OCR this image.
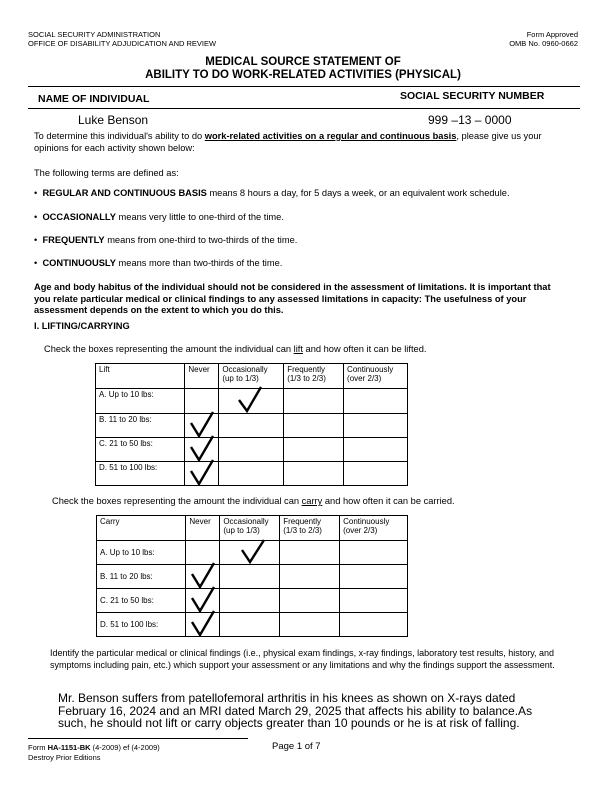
SOCIAL SECURITY ADMINISTRATION
OFFICE OF DISABILITY ADJUDICATION AND REVIEW
Form Approved
OMB No. 0960-0662
MEDICAL SOURCE STATEMENT OF
ABILITY TO DO WORK-RELATED ACTIVITIES (PHYSICAL)
NAME OF INDIVIDUAL	SOCIAL SECURITY NUMBER
Luke Benson	999 –13 – 0000
To determine this individual's ability to do work-related activities on a regular and continuous basis, please give us your opinions for each activity shown below:
The following terms are defined as:
• REGULAR AND CONTINUOUS BASIS means 8 hours a day, for 5 days a week, or an equivalent work schedule.
• OCCASIONALLY means very little to one-third of the time.
• FREQUENTLY means from one-third to two-thirds of the time.
• CONTINUOUSLY means more than two-thirds of the time.
Age and body habitus of the individual should not be considered in the assessment of limitations. It is important that you relate particular medical or clinical findings to any assessed limitations in capacity: The usefulness of your assessment depends on the extent to which you do this.
I. LIFTING/CARRYING
Check the boxes representing the amount the individual can lift and how often it can be lifted.
Lift	Never	Occasionally (up to 1/3)	Frequently (1/3 to 2/3)	Continuously (over 2/3)
A. Up to 10 lbs:				
B. 11 to 20 lbs:				
C. 21 to 50 lbs:				
D. 51 to 100 lbs:				
Check the boxes representing the amount the individual can carry and how often it can be carried.
Carry	Never	Occasionally (up to 1/3)	Frequently (1/3 to 2/3)	Continuously (over 2/3)
A. Up to 10 lbs:				
B. 11 to 20 lbs:				
C. 21 to 50 lbs:				
D. 51 to 100 lbs:				
Identify the particular medical or clinical findings (i.e., physical exam findings, x-ray findings, laboratory test results, history, and symptoms including pain, etc.) which support your assessment or any limitations and why the findings support the assessment.
Mr. Benson suffers from patellofemoral arthritis in his knees as shown on X-rays dated February 16, 2024 and an MRI dated March 29, 2025 that affects his ability to balance.As such, he should not lift or carry objects greater than 10 pounds or he is at risk of falling.
Form HA-1151-BK (4-2009) ef (4-2009)	Page 1 of 7
Destroy Prior Editions
